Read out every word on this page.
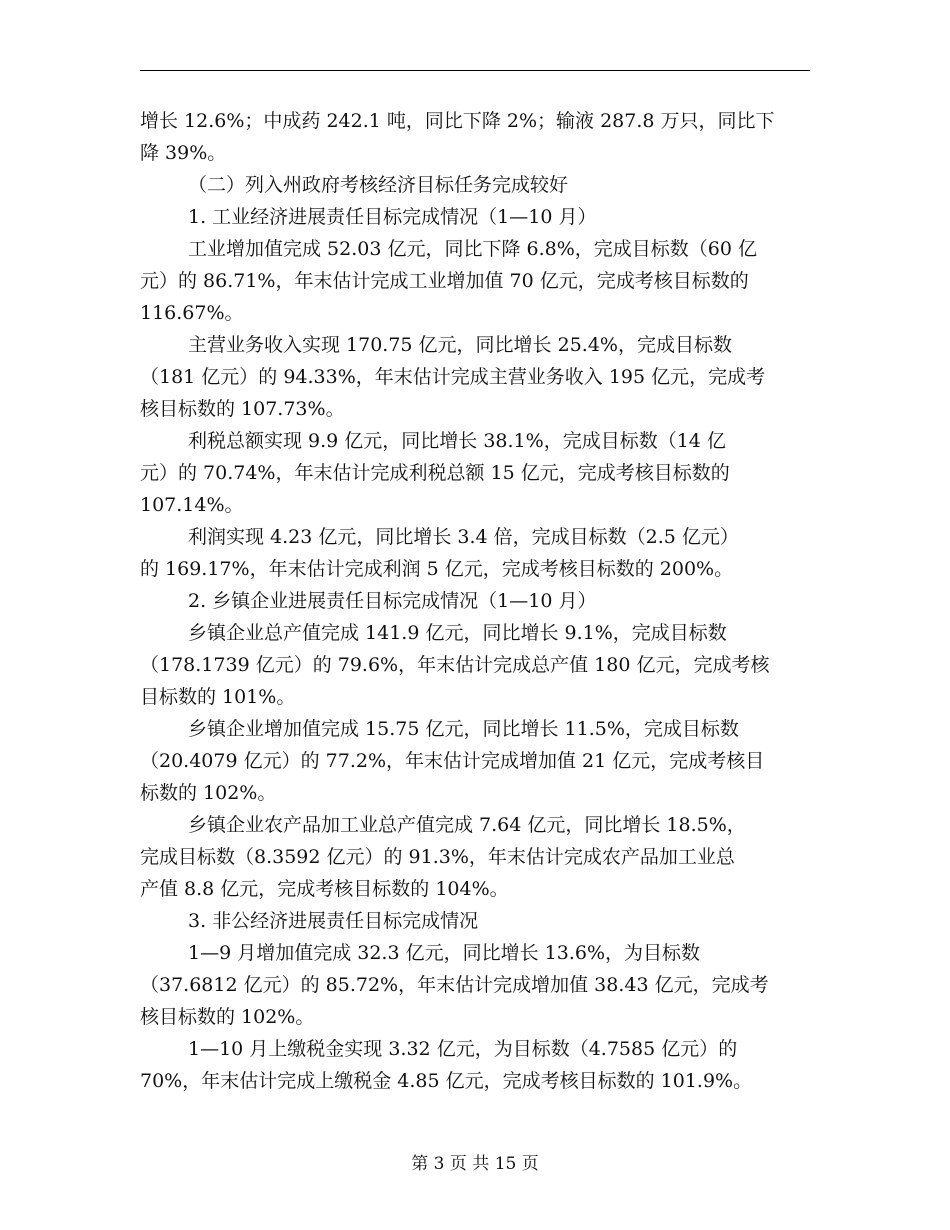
增长 12.6%；中成药 242.1 吨，同比下降 2%；输液 287.8 万只，同比下
降 39%。
（二）列入州政府考核经济目标任务完成较好
1. 工业经济进展责任目标完成情况（1—10 月）
工业增加值完成 52.03 亿元，同比下降 6.8%，完成目标数（60 亿
元）的 86.71%，年末估计完成工业增加值 70 亿元，完成考核目标数的
116.67%。
主营业务收入实现 170.75 亿元，同比增长 25.4%，完成目标数
（181 亿元）的 94.33%，年末估计完成主营业务收入 195 亿元，完成考
核目标数的 107.73%。
利税总额实现 9.9 亿元，同比增长 38.1%，完成目标数（14 亿
元）的 70.74%，年末估计完成利税总额 15 亿元，完成考核目标数的
107.14%。
利润实现 4.23 亿元，同比增长 3.4 倍，完成目标数（2.5 亿元）
的 169.17%，年末估计完成利润 5 亿元，完成考核目标数的 200%。
2. 乡镇企业进展责任目标完成情况（1—10 月）
乡镇企业总产值完成 141.9 亿元，同比增长 9.1%，完成目标数
（178.1739 亿元）的 79.6%，年末估计完成总产值 180 亿元，完成考核
目标数的 101%。
乡镇企业增加值完成 15.75 亿元，同比增长 11.5%，完成目标数
（20.4079 亿元）的 77.2%，年末估计完成增加值 21 亿元，完成考核目
标数的 102%。
乡镇企业农产品加工业总产值完成 7.64 亿元，同比增长 18.5%，
完成目标数（8.3592 亿元）的 91.3%，年末估计完成农产品加工业总
产值 8.8 亿元，完成考核目标数的 104%。
3. 非公经济进展责任目标完成情况
1—9 月增加值完成 32.3 亿元，同比增长 13.6%，为目标数
（37.6812 亿元）的 85.72%，年末估计完成增加值 38.43 亿元，完成考
核目标数的 102%。
1—10 月上缴税金实现 3.32 亿元，为目标数（4.7585 亿元）的
70%，年末估计完成上缴税金 4.85 亿元，完成考核目标数的 101.9%。
第 3 页 共 15 页
